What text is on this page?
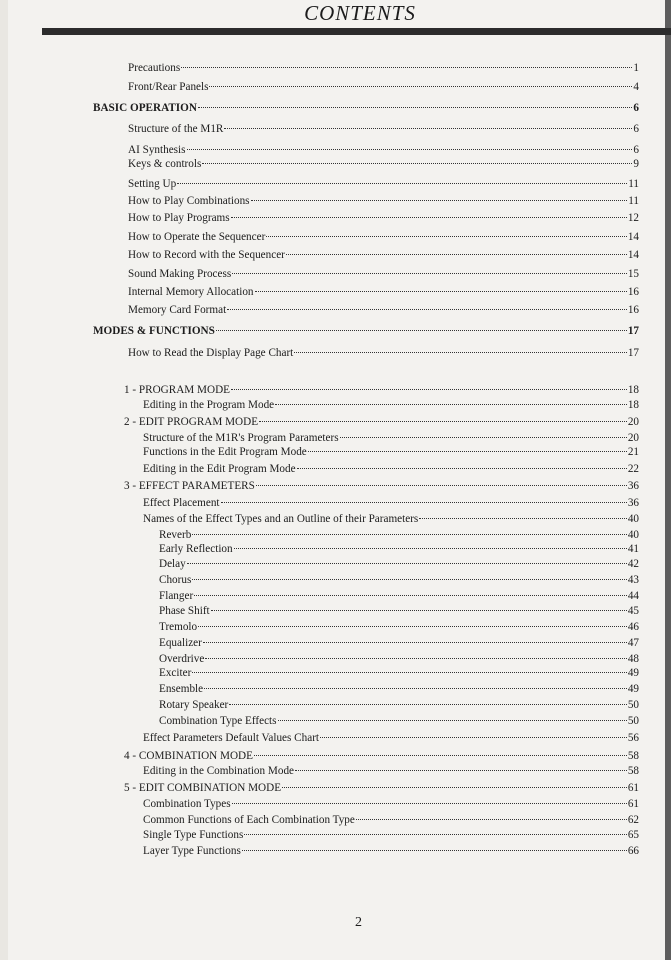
CONTENTS
Precautions	1
Front/Rear Panels	4
BASIC OPERATION	6
Structure of the M1R	6
AI Synthesis	6
Keys & controls	9
Setting Up	11
How to Play Combinations	11
How to Play Programs	12
How to Operate the Sequencer	14
How to Record with the Sequencer	14
Sound Making Process	15
Internal Memory Allocation	16
Memory Card Format	16
MODES & FUNCTIONS	17
How to Read the Display Page Chart	17
1 - PROGRAM MODE	18
Editing in the Program Mode	18
2 - EDIT PROGRAM MODE	20
Structure of the M1R's Program Parameters	20
Functions in the Edit Program Mode	21
Editing in the Edit Program Mode	22
3 - EFFECT PARAMETERS	36
Effect Placement	36
Names of the Effect Types and an Outline of their Parameters	40
Reverb	40
Early Reflection	41
Delay	42
Chorus	43
Flanger	44
Phase Shift	45
Tremolo	46
Equalizer	47
Overdrive	48
Exciter	49
Ensemble	49
Rotary Speaker	50
Combination Type Effects	50
Effect Parameters Default Values Chart	56
4 - COMBINATION MODE	58
Editing in the Combination Mode	58
5 - EDIT COMBINATION MODE	61
Combination Types	61
Common Functions of Each Combination Type	62
Single Type Functions	65
Layer Type Functions	66
2
